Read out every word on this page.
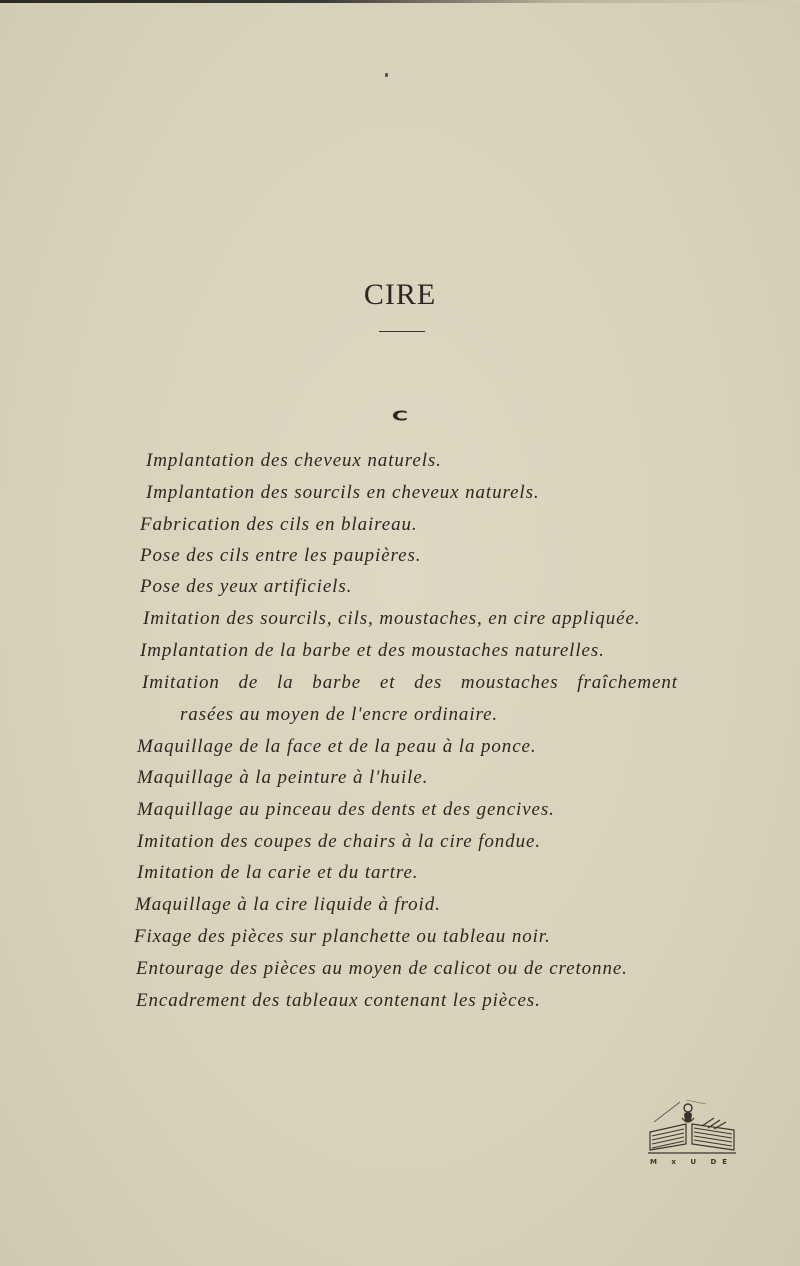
CIRE
C
Implantation des cheveux naturels.
Implantation des sourcils en cheveux naturels.
Fabrication des cils en blaireau.
Pose des cils entre les paupières.
Pose des yeux artificiels.
Imitation des sourcils, cils, moustaches, en cire appliquée.
Implantation de la barbe et des moustaches naturelles.
Imitation de la barbe et des moustaches fraîchement
rasées au moyen de l'encre ordinaire.
Maquillage de la face et de la peau à la ponce.
Maquillage à la peinture à l'huile.
Maquillage au pinceau des dents et des gencives.
Imitation des coupes de chairs à la cire fondue.
Imitation de la carie et du tartre.
Maquillage à la cire liquide à froid.
Fixage des pièces sur planchette ou tableau noir.
Entourage des pièces au moyen de calicot ou de cretonne.
Encadrement des tableaux contenant les pièces.
M x U DE
